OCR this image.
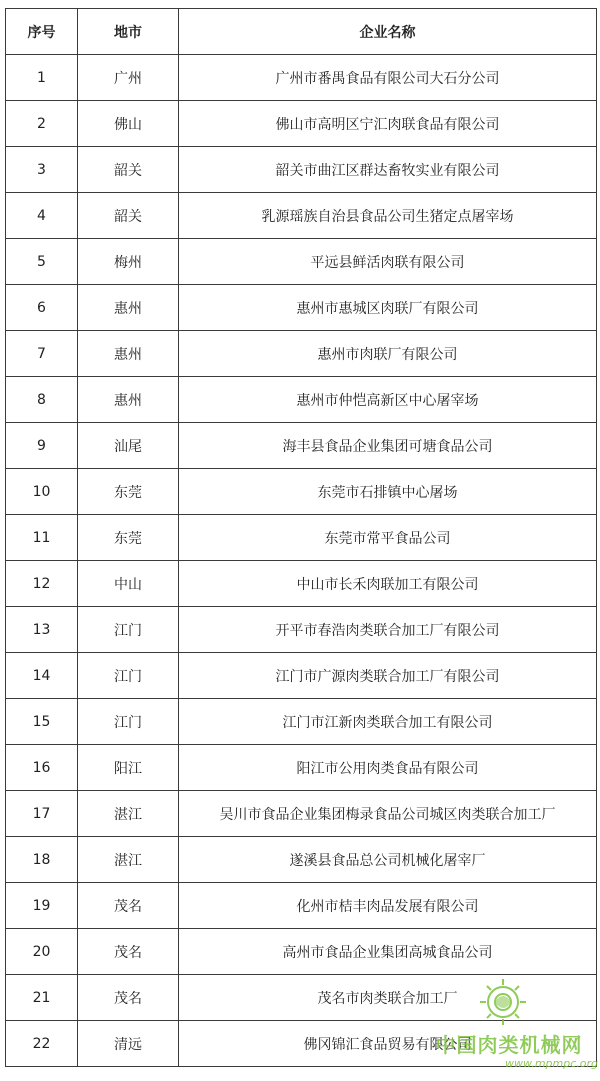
序号	地市	企业名称
1	广州	广州市番禺食品有限公司大石分公司
2	佛山	佛山市高明区宁汇肉联食品有限公司
3	韶关	韶关市曲江区群达畜牧实业有限公司
4	韶关	乳源瑶族自治县食品公司生猪定点屠宰场
5	梅州	平远县鲜活肉联有限公司
6	惠州	惠州市惠城区肉联厂有限公司
7	惠州	惠州市肉联厂有限公司
8	惠州	惠州市仲恺高新区中心屠宰场
9	汕尾	海丰县食品企业集团可塘食品公司
10	东莞	东莞市石排镇中心屠场
11	东莞	东莞市常平食品公司
12	中山	中山市长禾肉联加工有限公司
13	江门	开平市春浩肉类联合加工厂有限公司
14	江门	江门市广源肉类联合加工厂有限公司
15	江门	江门市江新肉类联合加工有限公司
16	阳江	阳江市公用肉类食品有限公司
17	湛江	吴川市食品企业集团梅录食品公司城区肉类联合加工厂
18	湛江	遂溪县食品总公司机械化屠宰厂
19	茂名	化州市桔丰肉品发展有限公司
20	茂名	高州市食品企业集团高城食品公司
21	茂名	茂名市肉类联合加工厂
22	清远	佛冈锦汇食品贸易有限公司
中国肉类机械网
www.mpmpc.org
